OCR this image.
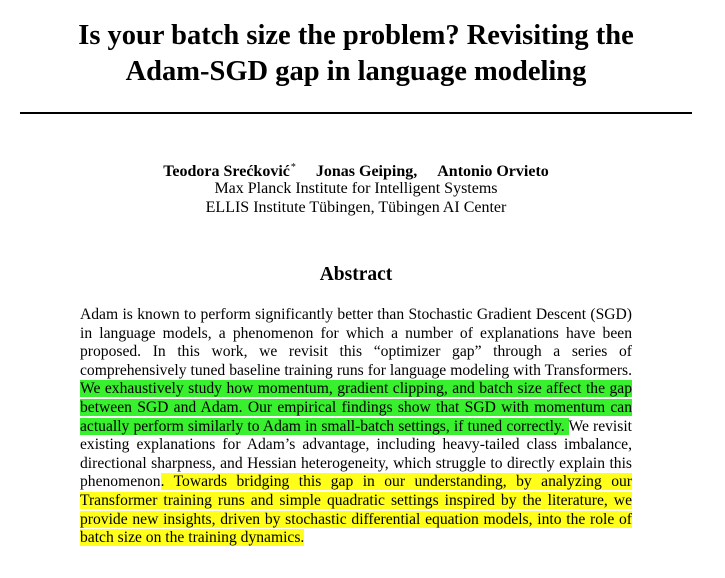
Is your batch size the problem? Revisiting the
Adam-SGD gap in language modeling
Teodora Srećković* Jonas Geiping, Antonio Orvieto
Max Planck Institute for Intelligent Systems
ELLIS Institute Tübingen, Tübingen AI Center
Abstract
Adam is known to perform significantly better than Stochastic Gradient Descent (SGD) in language models, a phenomenon for which a number of explanations have been proposed. In this work, we revisit this “optimizer gap” through a series of comprehensively tuned baseline training runs for language modeling with Transformers. We exhaustively study how momentum, gradient clipping, and batch size affect the gap between SGD and Adam. Our empirical findings show that SGD with momentum can actually perform similarly to Adam in small-batch settings, if tuned correctly. We revisit existing explanations for Adam’s advantage, including heavy-tailed class imbalance, directional sharpness, and Hessian heterogeneity, which struggle to directly explain this phenomenon. Towards bridging this gap in our understanding, by analyzing our Transformer training runs and simple quadratic settings inspired by the literature, we provide new insights, driven by stochastic differential equation models, into the role of batch size on the training dynamics.
